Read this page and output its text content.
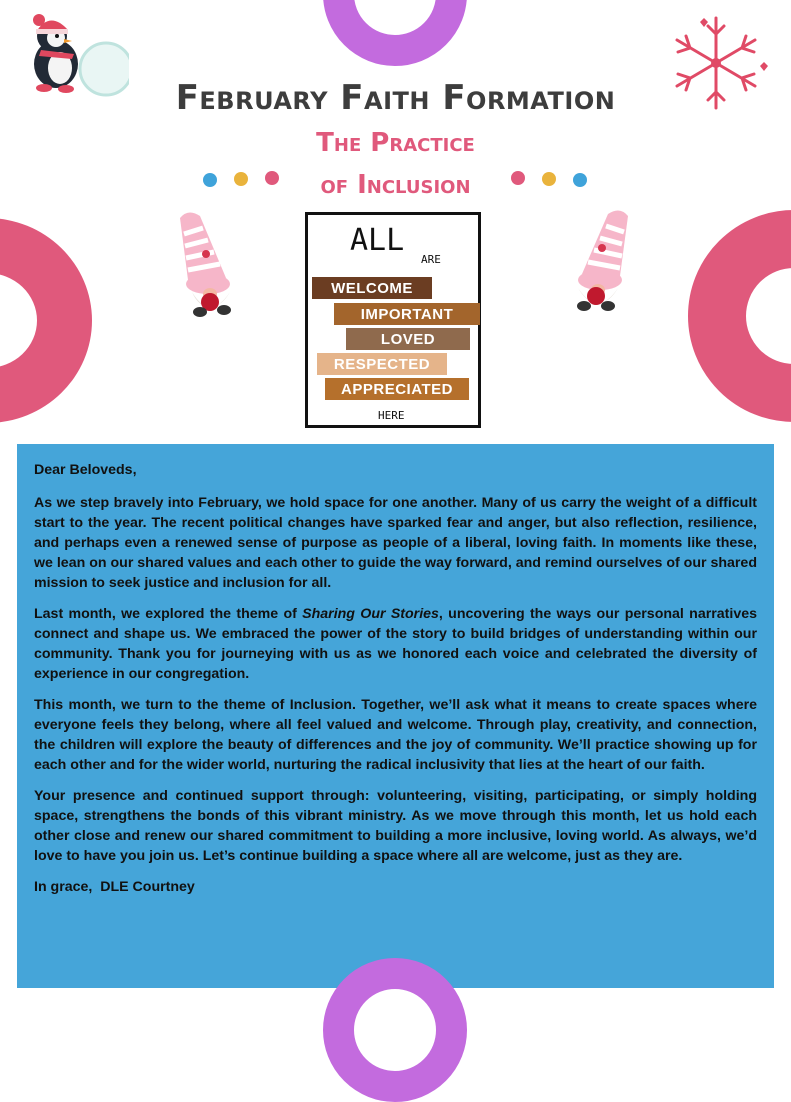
February Faith Formation
The Practice
of Inclusion
ALL
ARE
WELCOME
IMPORTANT
LOVED
RESPECTED
APPRECIATED
HERE

Dear Beloveds,

As we step bravely into February, we hold space for one another. Many of us carry the weight of a difficult start to the year. The recent political changes have sparked fear and anger, but also reflection, resilience, and perhaps even a renewed sense of purpose as people of a liberal, loving faith. In moments like these, we lean on our shared values and each other to guide the way forward, and remind ourselves of our shared mission to seek justice and inclusion for all.

Last month, we explored the theme of Sharing Our Stories, uncovering the ways our personal narratives connect and shape us. We embraced the power of the story to build bridges of understanding within our community. Thank you for journeying with us as we honored each voice and celebrated the diversity of experience in our congregation.

This month, we turn to the theme of Inclusion. Together, we’ll ask what it means to create spaces where everyone feels they belong, where all feel valued and welcome. Through play, creativity, and connection, the children will explore the beauty of differences and the joy of community. We’ll practice showing up for each other and for the wider world, nurturing the radical inclusivity that lies at the heart of our faith.

Your presence and continued support through: volunteering, visiting, participating, or simply holding space, strengthens the bonds of this vibrant ministry. As we move through this month, let us hold each other close and renew our shared commitment to building a more inclusive, loving world. As always, we’d love to have you join us. Let’s continue building a space where all are welcome, just as they are.

In grace,  DLE Courtney
